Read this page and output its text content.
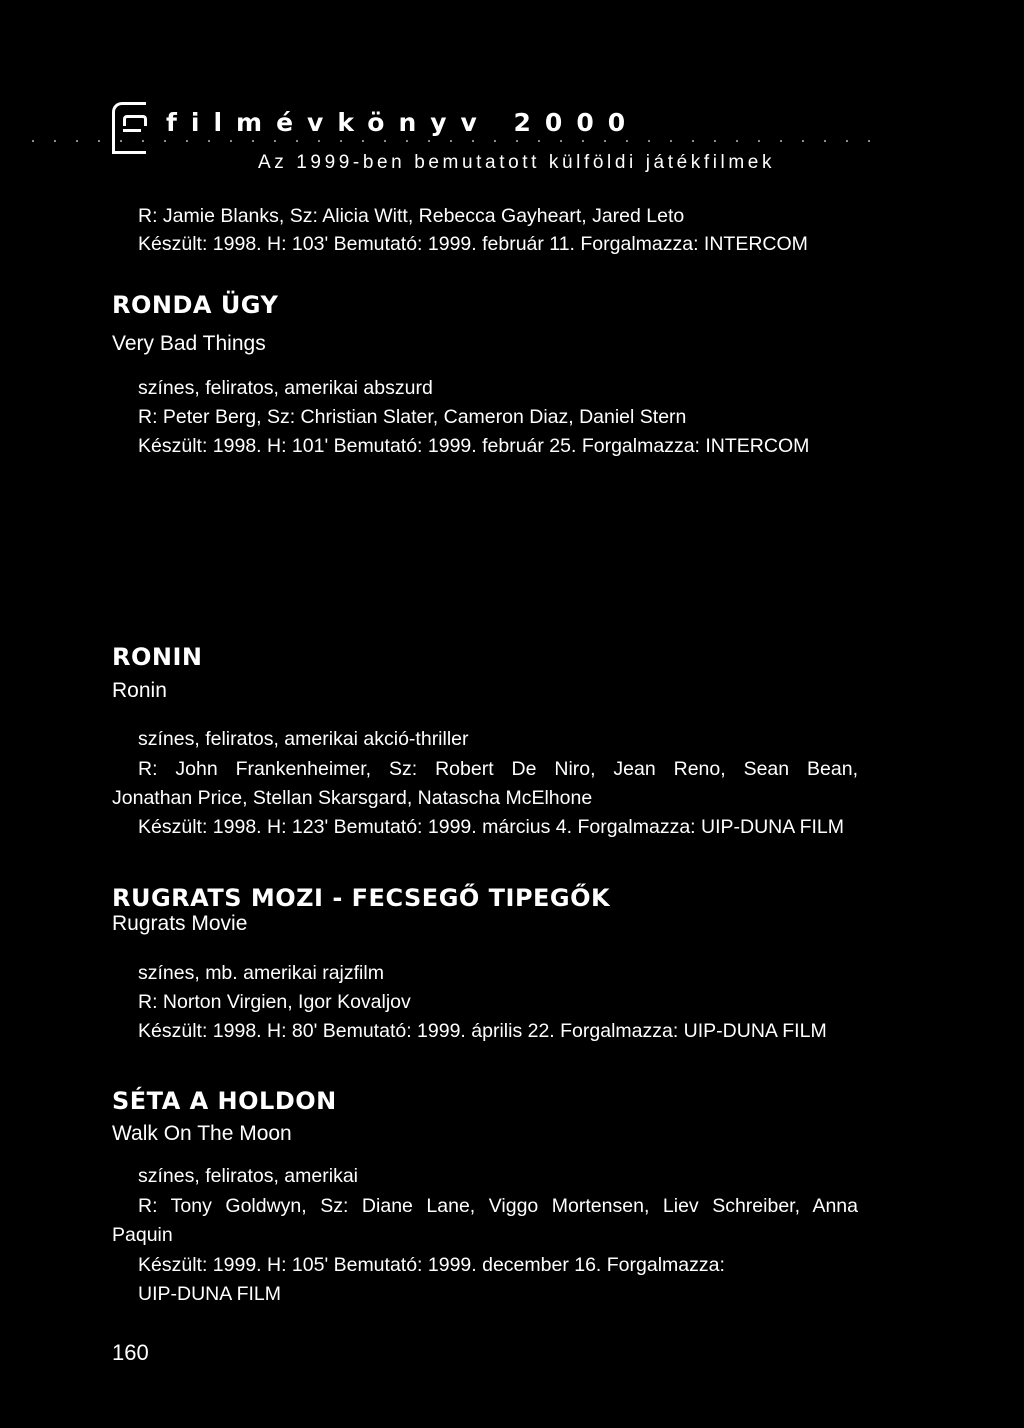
filmévkönyv 2000
Az 1999-ben bemutatott külföldi játékfilmek
R: Jamie Blanks, Sz: Alicia Witt, Rebecca Gayheart, Jared Leto
Készült: 1998. H: 103' Bemutató: 1999. február 11. Forgalmazza: INTERCOM
RONDA ÜGY
Very Bad Things
színes, feliratos, amerikai abszurd
R: Peter Berg, Sz: Christian Slater, Cameron Diaz, Daniel Stern
Készült: 1998. H: 101' Bemutató: 1999. február 25. Forgalmazza: INTERCOM
RONIN
Ronin
színes, feliratos, amerikai akció-thriller
R: John Frankenheimer, Sz: Robert De Niro, Jean Reno, Sean Bean,
Jonathan Price, Stellan Skarsgard, Natascha McElhone
Készült: 1998. H: 123' Bemutató: 1999. március 4. Forgalmazza: UIP-DUNA FILM
RUGRATS MOZI - FECSEGŐ TIPEGŐK
Rugrats Movie
színes, mb. amerikai rajzfilm
R: Norton Virgien, Igor Kovaljov
Készült: 1998. H: 80' Bemutató: 1999. április 22. Forgalmazza: UIP-DUNA FILM
SÉTA A HOLDON
Walk On The Moon
színes, feliratos, amerikai
R: Tony Goldwyn, Sz: Diane Lane, Viggo Mortensen, Liev Schreiber, Anna
Paquin
Készült: 1999. H: 105' Bemutató: 1999. december 16. Forgalmazza:
UIP-DUNA FILM
160
